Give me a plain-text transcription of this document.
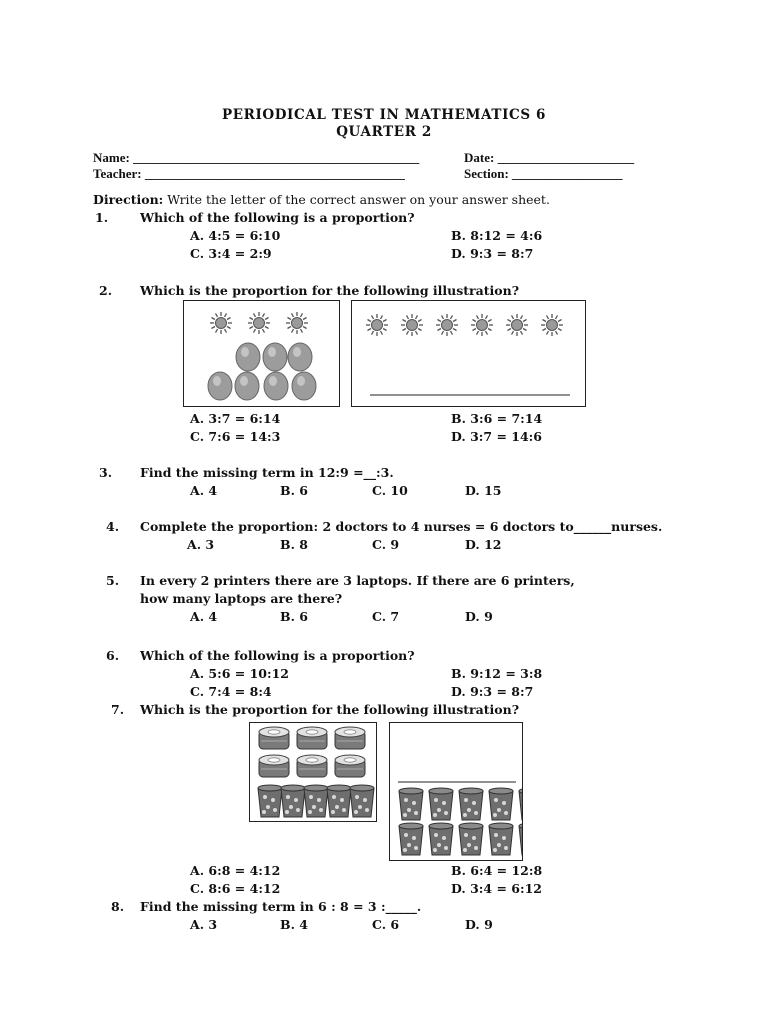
PERIODICAL TEST IN MATHEMATICS 6
QUARTER 2
Name: ____________________________________________
Teacher: ________________________________________
Date: _____________________
Section: _________________
Direction: Write the letter of the correct answer on your answer sheet.
1.	Which of the following is a proportion?
A. 4:5 = 6:10	B. 8:12 = 4:6
C. 3:4 = 2:9	D. 9:3 = 8:7
2. Which is the proportion for the following illustration?
A. 3:7 = 6:14	B. 3:6 = 7:14
C. 7:6 = 14:3	D. 3:7 = 14:6
3. Find the missing term in 12:9 =__:3.
A. 4	B. 6	C. 10	D. 15
4. Complete the proportion: 2 doctors to 4 nurses = 6 doctors to______nurses.
A. 3	B. 8	C. 9	D. 12
5. In every 2 printers there are 3 laptops. If there are 6 printers,
how many laptops are there?
A. 4	B. 6	C. 7	D. 9
6. Which of the following is a proportion?
A. 5:6 = 10:12	B. 9:12 = 3:8
C. 7:4 = 8:4	D. 9:3 = 8:7
7. Which is the proportion for the following illustration?
A. 6:8 = 4:12	B. 6:4 = 12:8
C. 8:6 = 4:12	D. 3:4 = 6:12
8. Find the missing term in 6 : 8 = 3 :_____.
A. 3	B. 4	C. 6	D. 9
